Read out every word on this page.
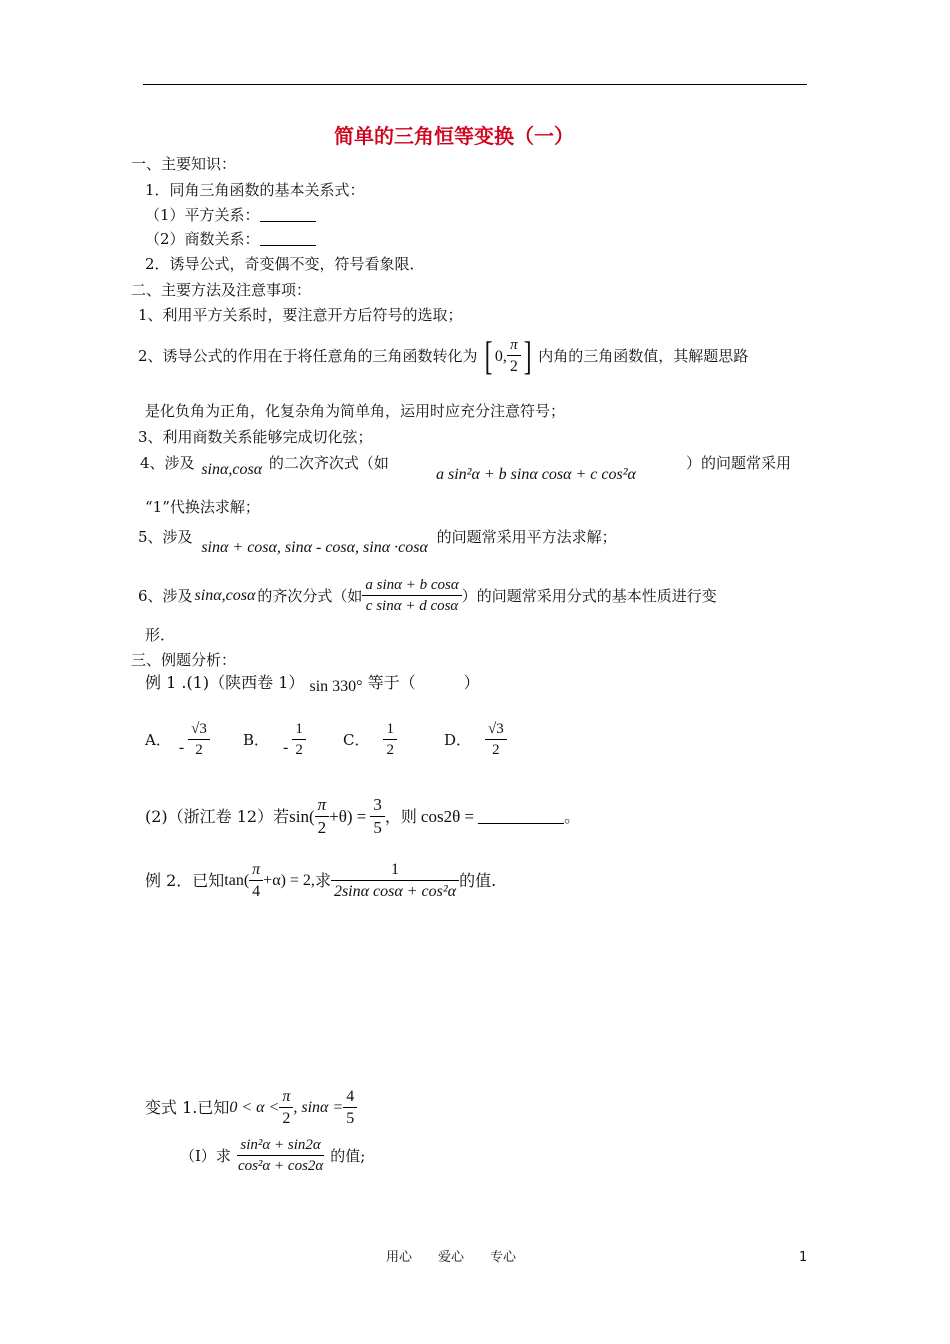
简单的三角恒等变换（一）
一、主要知识：
1．同角三角函数的基本关系式：
（1）平方关系：
（2）商数关系：
2．诱导公式，奇变偶不变，符号看象限．
二、主要方法及注意事项：
1、利用平方关系时，要注意开方后符号的选取；
2、诱导公式的作用在于将任意角的三角函数转化为 [ 0, $\frac{\pi}{2}$ ] 内角的三角函数值，其解题思路
是化负角为正角，化复杂角为简单角，运用时应充分注意符号；
3、利用商数关系能够完成切化弦；
4、涉及 sinα,cosα 的二次齐次式（如
a sin²α + b sinα cosα + c cos²α
）的问题常采用
“1”代换法求解；
5、涉及 sinα + cosα, sinα - cosα, sinα ·cosα 的问题常采用平方法求解；
6、涉及 sinα,cosα 的齐次分式（如 $\frac{\text{a sinα + b cosα}}{\text{c sinα + d cosα}}$ ）的问题常采用分式的基本性质进行变
形．
三、例题分析：
例 1 .(1)（陕西卷 1） sin 330° 等于（　　　）
A． - $\frac{√3}{2}$ B． - $\frac{1}{2}$ C． $\frac{1}{2}$	D． $\frac{√3}{2}$
(2)（浙江卷 12）若 $\sin( \frac{\pi}{2} +\theta) = \frac{3}{5}$ ，则 cos2θ =	。
例 2．已知 $\tan( \frac{\pi}{4} +\alpha) = 2$, 求 $\frac{1}{\text{2sinα cosα + cos²α}}$ 的值.
变式 1.已知 $0 < \alpha < \frac{\pi}{2}$ , $\sin\alpha = \frac{4}{5}$
（Ⅰ）求 $\frac{\text{sin²α + sin2α}}{\text{cos²α + cos2α}}$ 的值;
用心　　爱心　　专心	1
